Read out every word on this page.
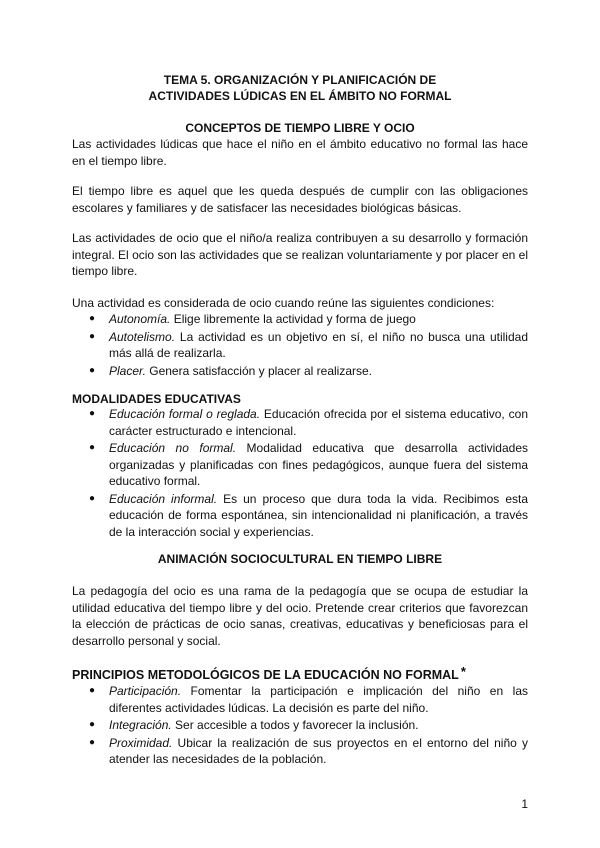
TEMA 5. ORGANIZACIÓN Y PLANIFICACIÓN DE
ACTIVIDADES LÚDICAS EN EL ÁMBITO NO FORMAL
CONCEPTOS DE TIEMPO LIBRE Y OCIO

Las actividades lúdicas que hace el niño en el ámbito educativo no formal las hace en el tiempo libre.

El tiempo libre es aquel que les queda después de cumplir con las obligaciones escolares y familiares y de satisfacer las necesidades biológicas básicas.

Las actividades de ocio que el niño/a realiza contribuyen a su desarrollo y formación integral. El ocio son las actividades que se realizan voluntariamente y por placer en el tiempo libre.

Una actividad es considerada de ocio cuando reúne las siguientes condiciones:

● Autonomía. Elige libremente la actividad y forma de juego
● Autotelismo. La actividad es un objetivo en sí, el niño no busca una utilidad más allá de realizarla.
● Placer. Genera satisfacción y placer al realizarse.
MODALIDADES EDUCATIVAS
● Educación formal o reglada. Educación ofrecida por el sistema educativo, con carácter estructurado e intencional.
● Educación no formal. Modalidad educativa que desarrolla actividades organizadas y planificadas con fines pedagógicos, aunque fuera del sistema educativo formal.
● Educación informal. Es un proceso que dura toda la vida. Recibimos esta educación de forma espontánea, sin intencionalidad ni planificación, a través de la interacción social y experiencias.
ANIMACIÓN SOCIOCULTURAL EN TIEMPO LIBRE

La pedagogía del ocio es una rama de la pedagogía que se ocupa de estudiar la utilidad educativa del tiempo libre y del ocio. Pretende crear criterios que favorezcan la elección de prácticas de ocio sanas, creativas, educativas y beneficiosas para el desarrollo personal y social.

PRINCIPIOS METODOLÓGICOS DE LA EDUCACIÓN NO FORMAL *
● Participación. Fomentar la participación e implicación del niño en las diferentes actividades lúdicas. La decisión es parte del niño.
● Integración. Ser accesible a todos y favorecer la inclusión.
● Proximidad. Ubicar la realización de sus proyectos en el entorno del niño y atender las necesidades de la población.
1
